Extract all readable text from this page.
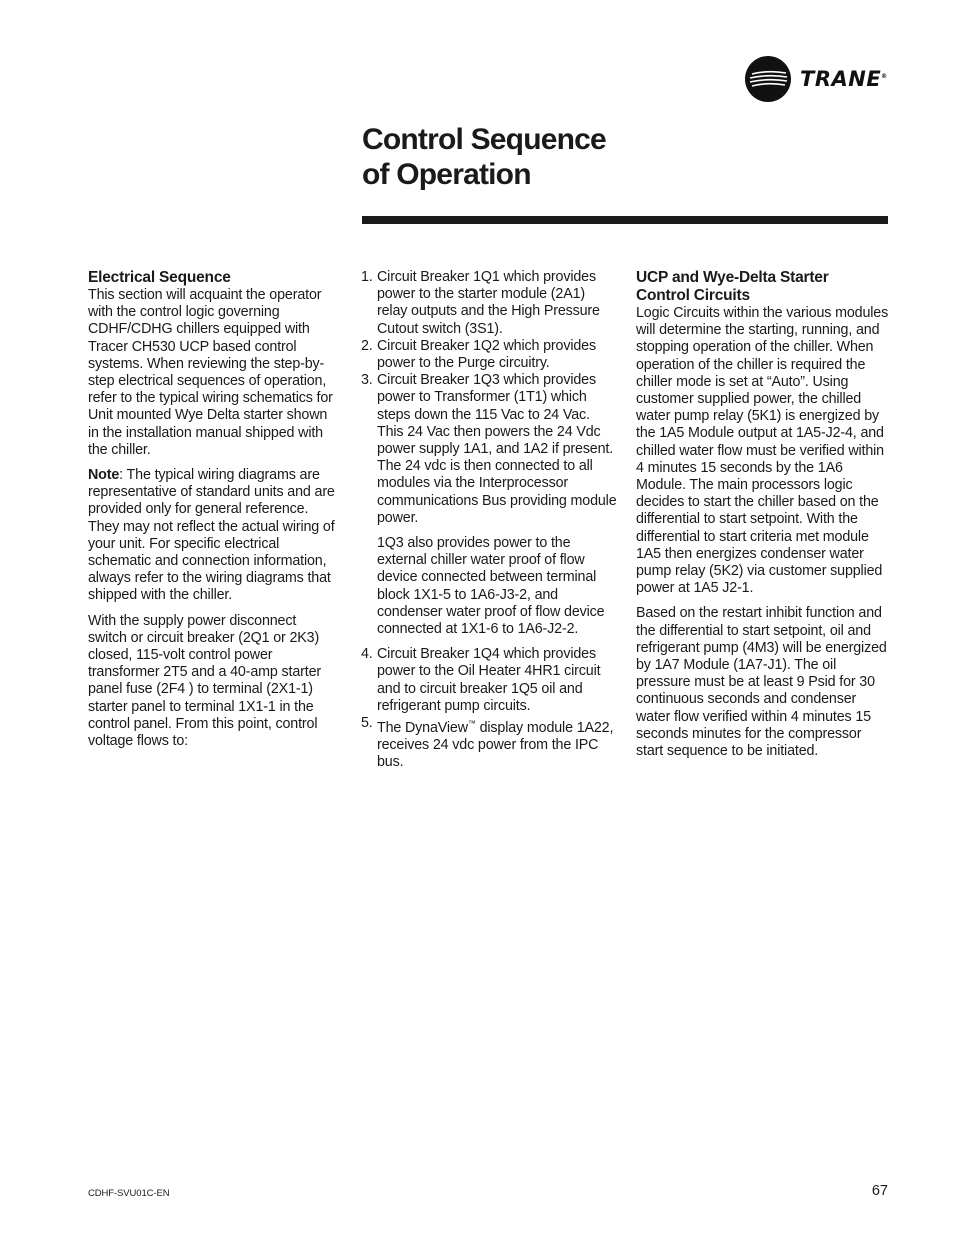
TRANE®
Control Sequence
of Operation
Electrical Sequence

This section will acquaint the operator with the control logic governing CDHF/CDHG chillers equipped with Tracer CH530 UCP based control systems. When reviewing the step-by-step electrical sequences of operation, refer to the typical wiring schematics for Unit mounted Wye Delta starter shown in the installation manual shipped with the chiller.

Note: The typical wiring diagrams are representative of standard units and are provided only for general reference. They may not reflect the actual wiring of your unit. For specific electrical schematic and connection information, always refer to the wiring diagrams that shipped with the chiller.

With the supply power disconnect switch or circuit breaker (2Q1 or 2K3) closed, 115-volt control power transformer 2T5 and a 40-amp starter panel fuse (2F4 ) to terminal (2X1-1) starter panel to terminal 1X1-1 in the control panel. From this point, control voltage flows to:

1. Circuit Breaker 1Q1 which provides power to the starter module (2A1) relay outputs and the High Pressure Cutout switch (3S1).
2. Circuit Breaker 1Q2 which provides power to the Purge circuitry.
3. Circuit Breaker 1Q3 which provides power to Transformer (1T1) which steps down the 115 Vac to 24 Vac. This 24 Vac then powers the 24 Vdc power supply 1A1, and 1A2 if present. The 24 vdc is then connected to all modules via the Interprocessor communications Bus providing module power.

1Q3 also provides power to the external chiller water proof of flow device connected between terminal block 1X1-5 to 1A6-J3-2, and condenser water proof of flow device connected at 1X1-6 to 1A6-J2-2.

4. Circuit Breaker 1Q4 which provides power to the Oil Heater 4HR1 circuit and to circuit breaker 1Q5 oil and refrigerant pump circuits.
5. The DynaView™ display module 1A22, receives 24 vdc power from the IPC bus.
UCP and Wye-Delta Starter
Control Circuits

Logic Circuits within the various modules will determine the starting, running, and stopping operation of the chiller. When operation of the chiller is required the chiller mode is set at “Auto”. Using customer supplied power, the chilled water pump relay (5K1) is energized by the 1A5 Module output at 1A5-J2-4, and chilled water flow must be verified within 4 minutes 15 seconds by the 1A6 Module. The main processors logic decides to start the chiller based on the differential to start setpoint. With the differential to start criteria met module 1A5 then energizes condenser water pump relay (5K2) via customer supplied power at 1A5 J2-1.

Based on the restart inhibit function and the differential to start setpoint, oil and refrigerant pump (4M3) will be energized by 1A7 Module (1A7-J1). The oil pressure must be at least 9 Psid for 30 continuous seconds and condenser water flow verified within 4 minutes 15 seconds minutes for the compressor start sequence to be initiated.

CDHF-SVU01C-EN	67
